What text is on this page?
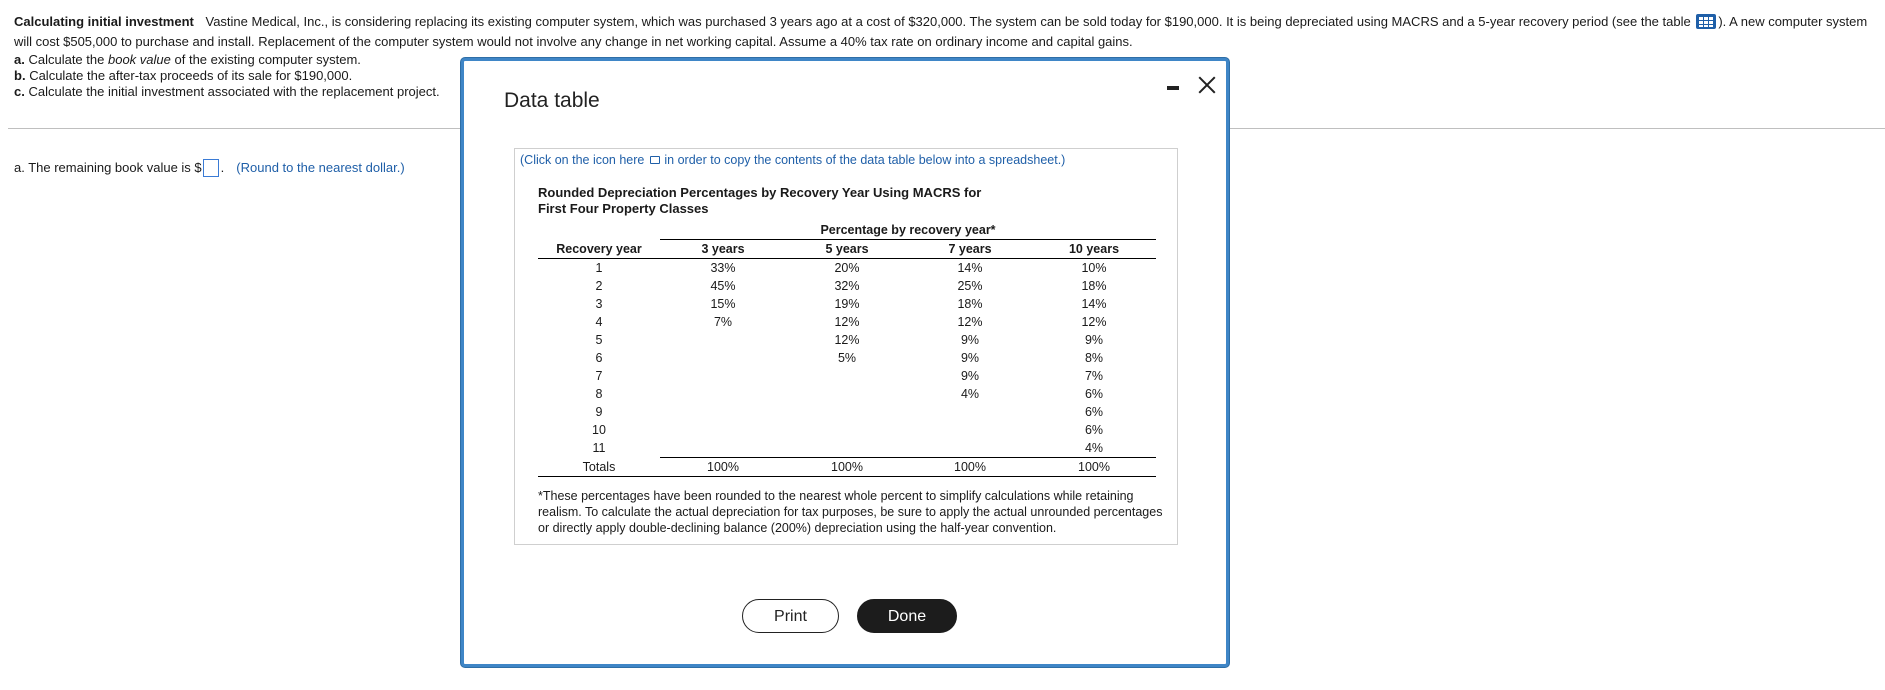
Calculating initial investment Vastine Medical, Inc., is considering replacing its existing computer system, which was purchased 3 years ago at a cost of $320,000. The system can be sold today for $190,000. It is being depreciated using MACRS and a 5-year recovery period (see the table ). A new computer system will cost $505,000 to purchase and install. Replacement of the computer system would not involve any change in net working capital. Assume a 40% tax rate on ordinary income and capital gains.
a. Calculate the book value of the existing computer system.
b. Calculate the after-tax proceeds of its sale for $190,000.
c. Calculate the initial investment associated with the replacement project.
a. The remaining book value is $ . (Round to the nearest dollar.)
Data table
(Click on the icon here in order to copy the contents of the data table below into a spreadsheet.)
Rounded Depreciation Percentages by Recovery Year Using MACRS for First Four Property Classes
	Percentage by recovery year*			
Recovery year	3 years	5 years	7 years	10 years
1	33%	20%	14%	10%
2	45%	32%	25%	18%
3	15%	19%	18%	14%
4	7%	12%	12%	12%
5		12%	9%	9%
6		5%	9%	8%
7			9%	7%
8			4%	6%
9				6%
10				6%
11				4%
Totals	100%	100%	100%	100%
*These percentages have been rounded to the nearest whole percent to simplify calculations while retaining realism. To calculate the actual depreciation for tax purposes, be sure to apply the actual unrounded percentages or directly apply double-declining balance (200%) depreciation using the half-year convention.
Print	Done
